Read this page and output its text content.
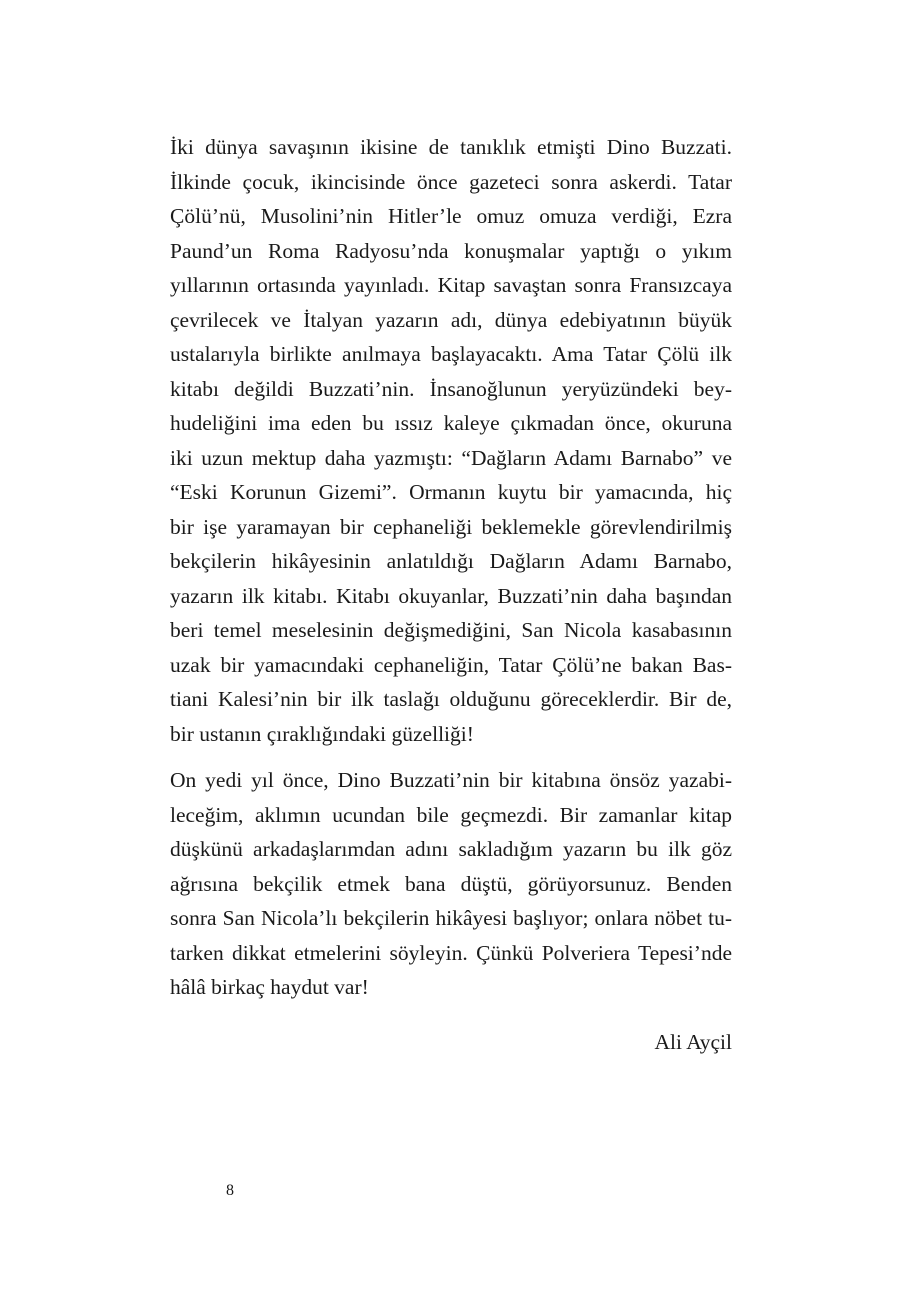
İki dünya savaşının ikisine de tanıklık etmişti Dino Buzzati.
İlkinde çocuk, ikincisinde önce gazeteci sonra askerdi. Tatar
Çölü’nü, Musolini’nin Hitler’le omuz omuza verdiği, Ezra
Paund’un Roma Radyosu’nda konuşmalar yaptığı o yıkım
yıllarının ortasında yayınladı. Kitap savaştan sonra Fransızcaya
çevrilecek ve İtalyan yazarın adı, dünya edebiyatının büyük
ustalarıyla birlikte anılmaya başlayacaktı. Ama Tatar Çölü ilk
kitabı değildi Buzzati’nin. İnsanoğlunun yeryüzündeki bey-
hudeliğini ima eden bu ıssız kaleye çıkmadan önce, okuruna
iki uzun mektup daha yazmıştı: “Dağların Adamı Barnabo” ve
“Eski Korunun Gizemi”. Ormanın kuytu bir yamacında, hiç
bir işe yaramayan bir cephaneliği beklemekle görevlendirilmiş
bekçilerin hikâyesinin anlatıldığı Dağların Adamı Barnabo,
yazarın ilk kitabı. Kitabı okuyanlar, Buzzati’nin daha başından
beri temel meselesinin değişmediğini, San Nicola kasabasının
uzak bir yamacındaki cephaneliğin, Tatar Çölü’ne bakan Bas-
tiani Kalesi’nin bir ilk taslağı olduğunu göreceklerdir. Bir de,
bir ustanın çıraklığındaki güzelliği!
On yedi yıl önce, Dino Buzzati’nin bir kitabına önsöz yazabi-
leceğim, aklımın ucundan bile geçmezdi. Bir zamanlar kitap
düşkünü arkadaşlarımdan adını sakladığım yazarın bu ilk göz
ağrısına bekçilik etmek bana düştü, görüyorsunuz. Benden
sonra San Nicola’lı bekçilerin hikâyesi başlıyor; onlara nöbet tu-
tarken dikkat etmelerini söyleyin. Çünkü Polveriera Tepesi’nde
hâlâ birkaç haydut var!
Ali Ayçil
8
